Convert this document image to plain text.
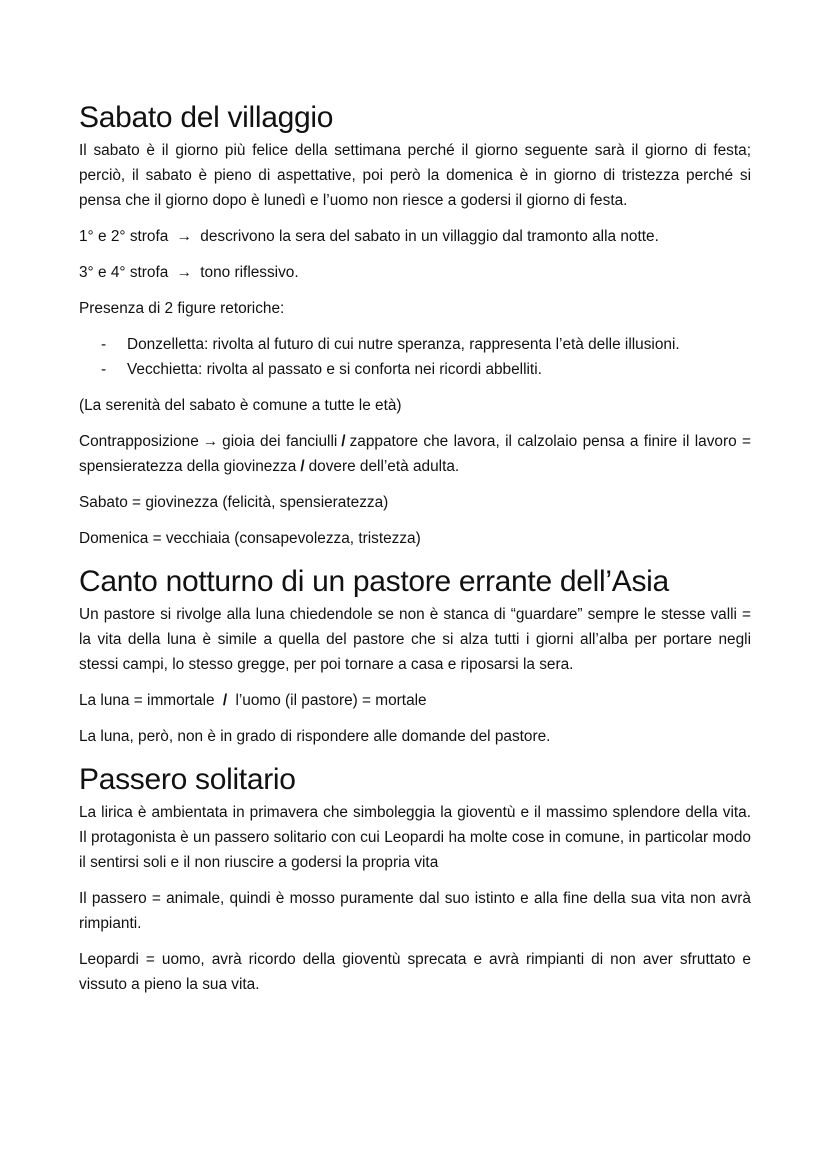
Sabato del villaggio

Il sabato è il giorno più felice della settimana perché il giorno seguente sarà il giorno di festa; perciò, il sabato è pieno di aspettative, poi però la domenica è in giorno di tristezza perché si pensa che il giorno dopo è lunedì e l’uomo non riesce a godersi il giorno di festa.

1° e 2° strofa → descrivono la sera del sabato in un villaggio dal tramonto alla notte.

3° e 4° strofa → tono riflessivo.

Presenza di 2 figure retoriche:

- Donzelletta: rivolta al futuro di cui nutre speranza, rappresenta l’età delle illusioni.
- Vecchietta: rivolta al passato e si conforta nei ricordi abbelliti.

(La serenità del sabato è comune a tutte le età)

Contrapposizione → gioia dei fanciulli / zappatore che lavora, il calzolaio pensa a finire il lavoro = spensieratezza della giovinezza / dovere dell’età adulta.

Sabato = giovinezza (felicità, spensieratezza)

Domenica = vecchiaia (consapevolezza, tristezza)

Canto notturno di un pastore errante dell’Asia

Un pastore si rivolge alla luna chiedendole se non è stanca di “guardare” sempre le stesse valli = la vita della luna è simile a quella del pastore che si alza tutti i giorni all’alba per portare negli stessi campi, lo stesso gregge, per poi tornare a casa e riposarsi la sera.

La luna = immortale / l’uomo (il pastore) = mortale

La luna, però, non è in grado di rispondere alle domande del pastore.

Passero solitario

La lirica è ambientata in primavera che simboleggia la gioventù e il massimo splendore della vita. Il protagonista è un passero solitario con cui Leopardi ha molte cose in comune, in particolar modo il sentirsi soli e il non riuscire a godersi la propria vita

Il passero = animale, quindi è mosso puramente dal suo istinto e alla fine della sua vita non avrà rimpianti.

Leopardi = uomo, avrà ricordo della gioventù sprecata e avrà rimpianti di non aver sfruttato e vissuto a pieno la sua vita.
